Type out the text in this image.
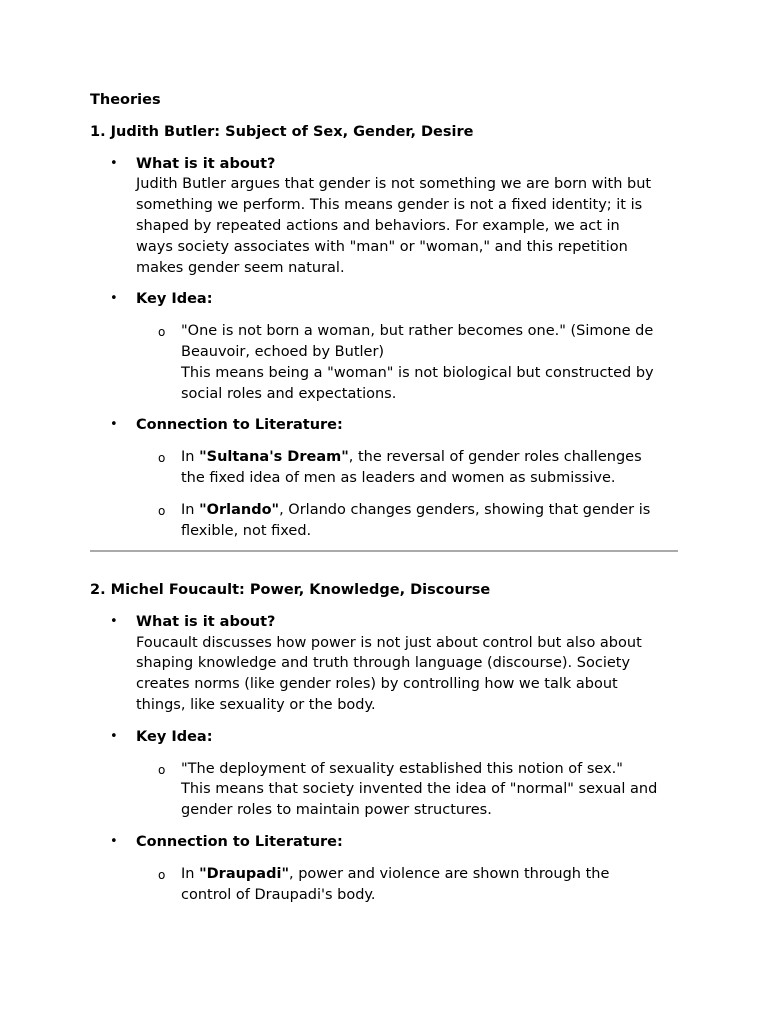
Theories
1. Judith Butler: Subject of Sex, Gender, Desire
• What is it about?
Judith Butler argues that gender is not something we are born with but
something we perform. This means gender is not a fixed identity; it is
shaped by repeated actions and behaviors. For example, we act in
ways society associates with "man" or "woman," and this repetition
makes gender seem natural.
• Key Idea:
o "One is not born a woman, but rather becomes one." (Simone de
Beauvoir, echoed by Butler)
This means being a "woman" is not biological but constructed by
social roles and expectations.
• Connection to Literature:
o In "Sultana's Dream", the reversal of gender roles challenges
the fixed idea of men as leaders and women as submissive.
o In "Orlando", Orlando changes genders, showing that gender is
flexible, not fixed.
2. Michel Foucault: Power, Knowledge, Discourse
• What is it about?
Foucault discusses how power is not just about control but also about
shaping knowledge and truth through language (discourse). Society
creates norms (like gender roles) by controlling how we talk about
things, like sexuality or the body.
• Key Idea:
o "The deployment of sexuality established this notion of sex."
This means that society invented the idea of "normal" sexual and
gender roles to maintain power structures.
• Connection to Literature:
o In "Draupadi", power and violence are shown through the
control of Draupadi's body.
